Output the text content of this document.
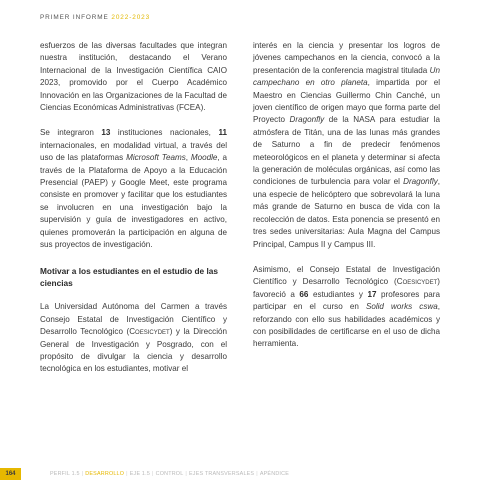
PRIMER INFORME 2022-2023

esfuerzos de las diversas facultades que integran nuestra institución, destacando el Verano Internacional de la Investigación Científica CAIO 2023, promovido por el Cuerpo Académico Innovación en las Organizaciones de la Facultad de Ciencias Económicas Administrativas (FCEA).

Se integraron 13 instituciones nacionales, 11 internacionales, en modalidad virtual, a través del uso de las plataformas Microsoft Teams, Moodle, a través de la Plataforma de Apoyo a la Educación Presencial (PAEP) y Google Meet, este programa consiste en promover y facilitar que los estudiantes se involucren en una investigación bajo la supervisión y guía de investigadores en activo, quienes promoverán la participación en alguna de sus proyectos de investigación.

Motivar a los estudiantes en el estudio de las ciencias

La Universidad Autónoma del Carmen a través Consejo Estatal de Investigación Científico y Desarrollo Tecnológico (Coesicydet) y la Dirección General de Investigación y Posgrado, con el propósito de divulgar la ciencia y desarrollo tecnológica en los estudiantes, motivar el

interés en la ciencia y presentar los logros de jóvenes campechanos en la ciencia, convocó a la presentación de la conferencia magistral titulada Un campechano en otro planeta, impartida por el Maestro en Ciencias Guillermo Chin Canché, un joven científico de origen mayo que forma parte del Proyecto Dragonfly de la NASA para estudiar la atmósfera de Titán, una de las lunas más grandes de Saturno a fin de predecir fenómenos meteorológicos en el planeta y determinar si afecta la generación de moléculas orgánicas, así como las condiciones de turbulencia para volar el Dragonfly, una especie de helicóptero que sobrevolará la luna más grande de Saturno en busca de vida con la recolección de datos. Esta ponencia se presentó en tres sedes universitarias: Aula Magna del Campus Principal, Campus II y Campus III.

Asimismo, el Consejo Estatal de Investigación Científico y Desarrollo Tecnológico (Coesicydet) favoreció a 66 estudiantes y 17 profesores para participar en el curso en Solid works cswa, reforzando con ello sus habilidades académicos y con posibilidades de certificarse en el uso de dicha herramienta.

164	PERFIL 1.5 | DESARROLLO | EJE 1.5 | CONTROL | EJES TRANSVERSALES | APÉNDICE
